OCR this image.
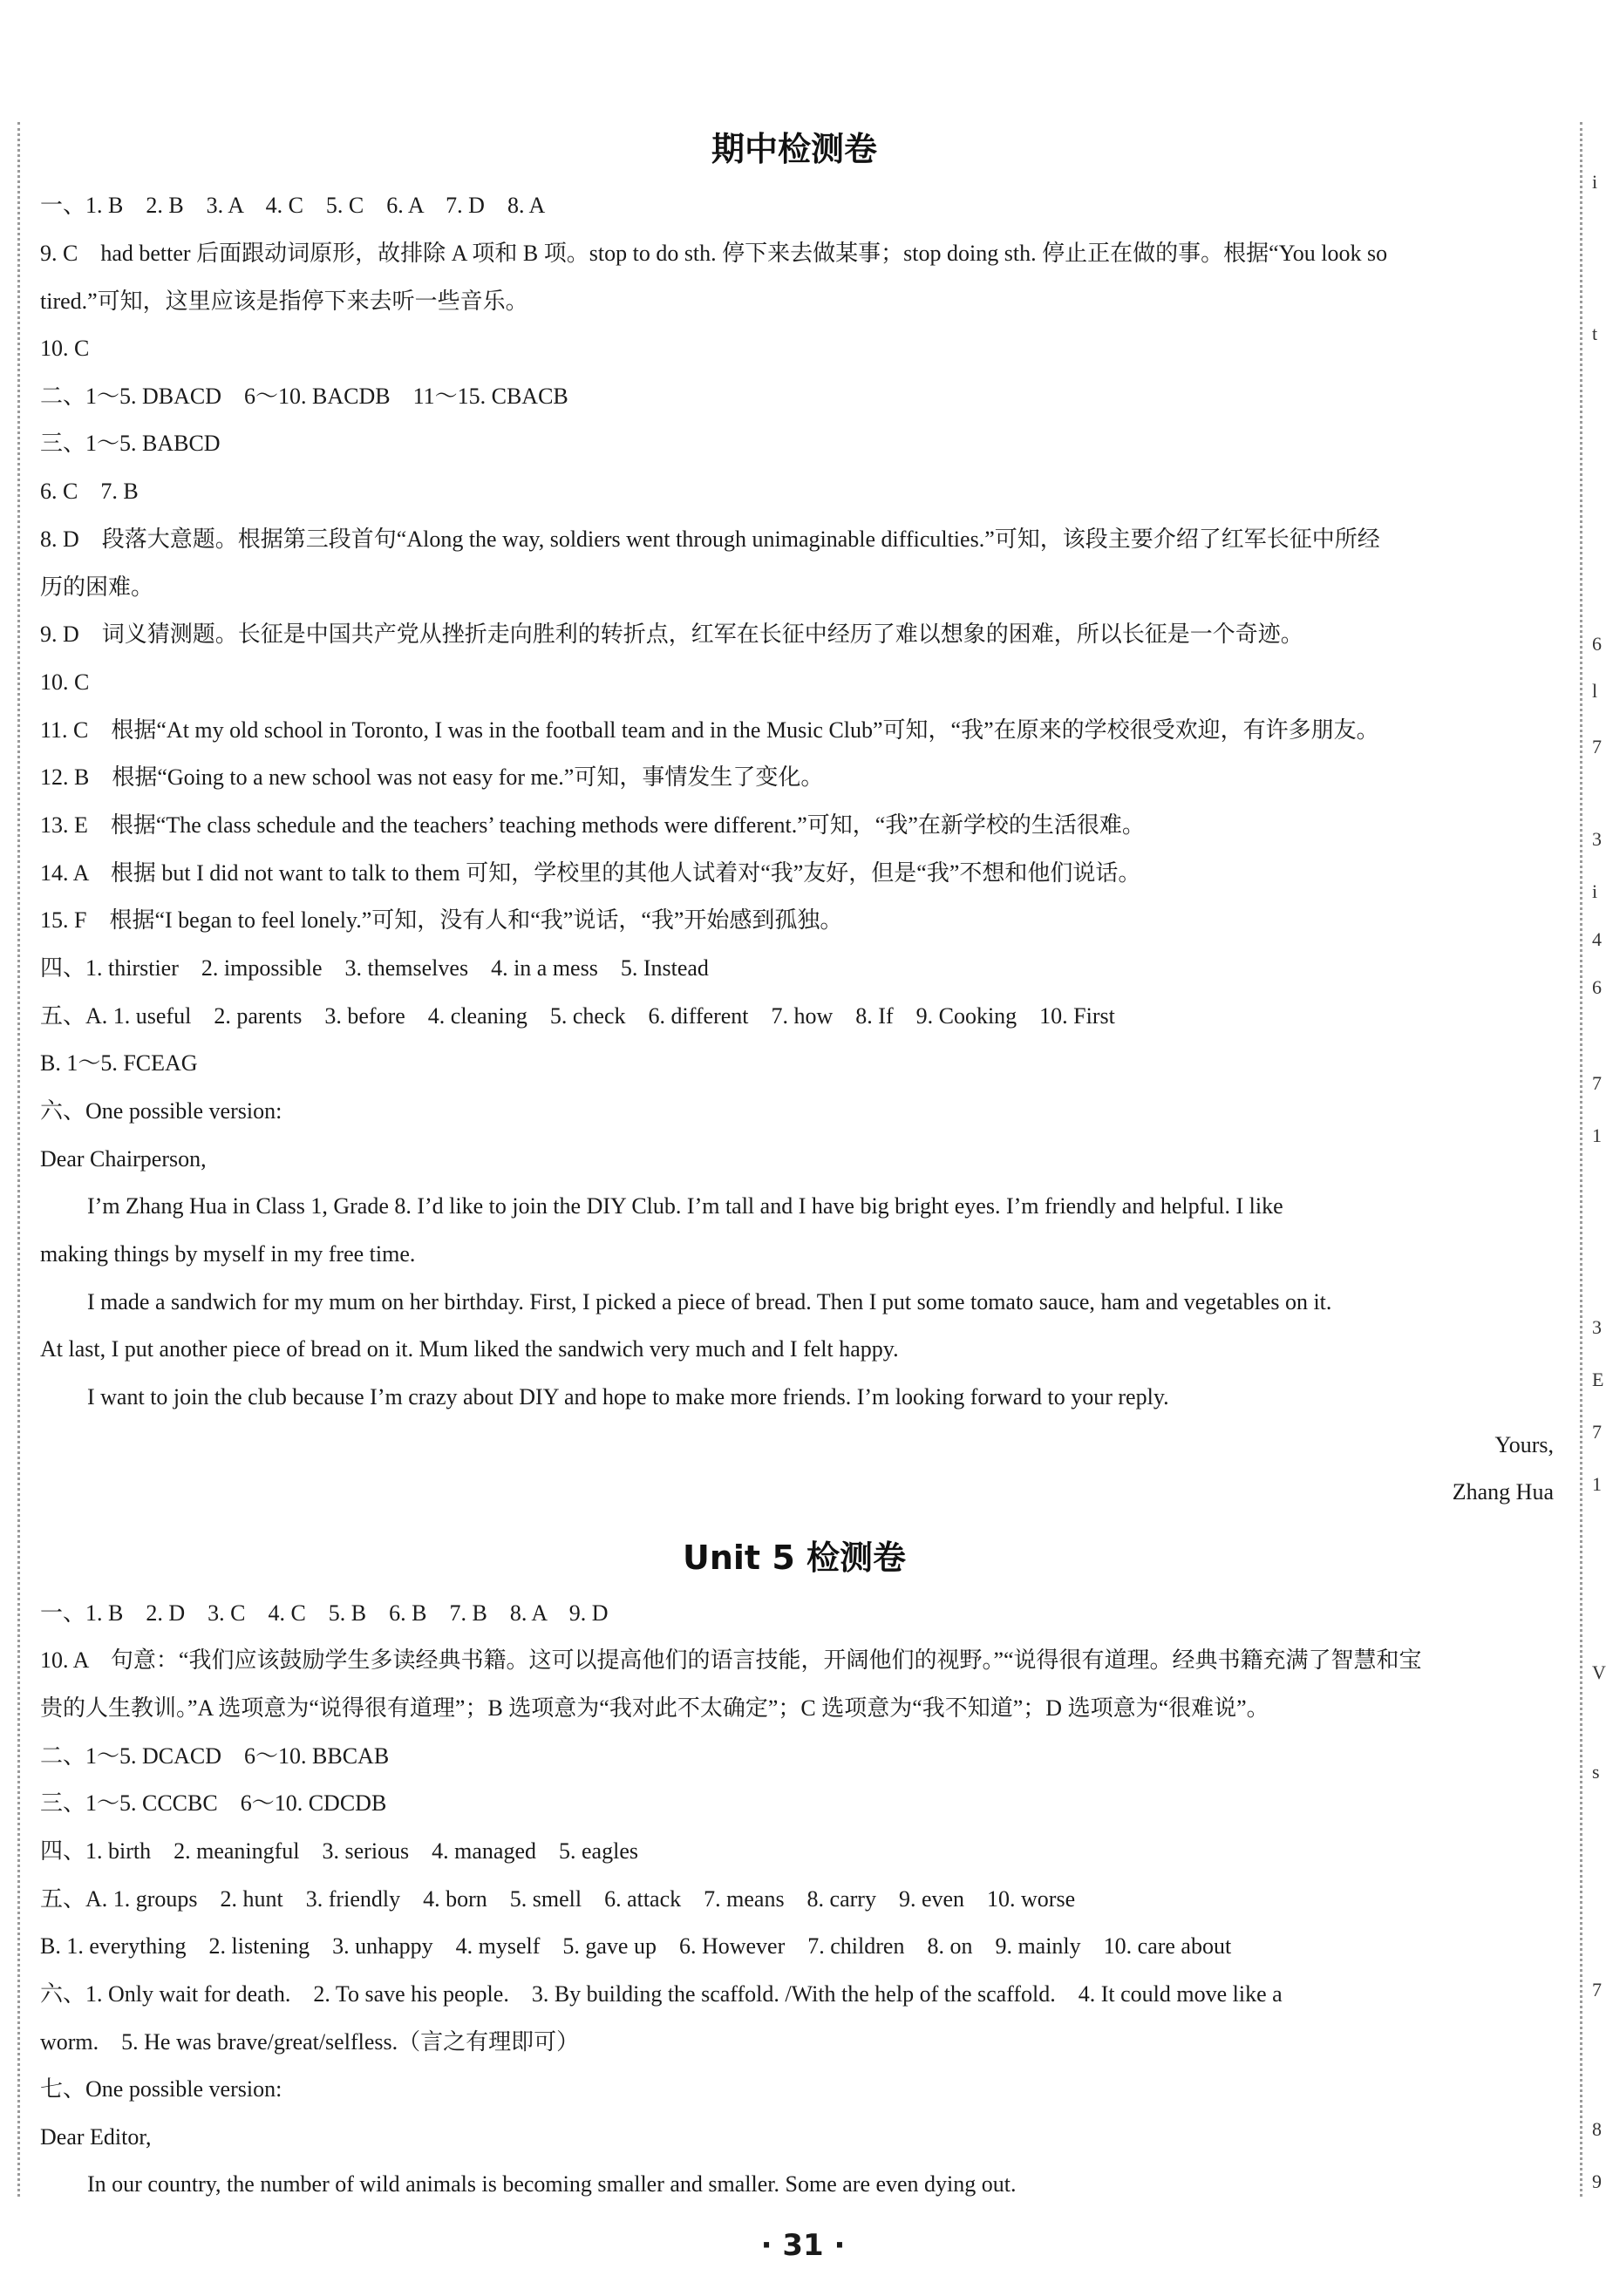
期中检测卷
一、1. B　2. B　3. A　4. C　5. C　6. A　7. D　8. A
9. C　had better 后面跟动词原形，故排除 A 项和 B 项。stop to do sth. 停下来去做某事；stop doing sth. 停止正在做的事。根据“You look so
tired.”可知，这里应该是指停下来去听一些音乐。
10. C
二、1～5. DBACD　6～10. BACDB　11～15. CBACB
三、1～5. BABCD
6. C　7. B
8. D　段落大意题。根据第三段首句“Along the way, soldiers went through unimaginable difficulties.”可知，该段主要介绍了红军长征中所经
历的困难。
9. D　词义猜测题。长征是中国共产党从挫折走向胜利的转折点，红军在长征中经历了难以想象的困难，所以长征是一个奇迹。
10. C
11. C　根据“At my old school in Toronto, I was in the football team and in the Music Club”可知，“我”在原来的学校很受欢迎，有许多朋友。
12. B　根据“Going to a new school was not easy for me.”可知，事情发生了变化。
13. E　根据“The class schedule and the teachers’ teaching methods were different.”可知，“我”在新学校的生活很难。
14. A　根据 but I did not want to talk to them 可知，学校里的其他人试着对“我”友好，但是“我”不想和他们说话。
15. F　根据“I began to feel lonely.”可知，没有人和“我”说话，“我”开始感到孤独。
四、1. thirstier　2. impossible　3. themselves　4. in a mess　5. Instead
五、A. 1. useful　2. parents　3. before　4. cleaning　5. check　6. different　7. how　8. If　9. Cooking　10. First
B. 1～5. FCEAG
六、One possible version:
Dear Chairperson,
I’m Zhang Hua in Class 1, Grade 8. I’d like to join the DIY Club. I’m tall and I have big bright eyes. I’m friendly and helpful. I like
making things by myself in my free time.
I made a sandwich for my mum on her birthday. First, I picked a piece of bread. Then I put some tomato sauce, ham and vegetables on it.
At last, I put another piece of bread on it. Mum liked the sandwich very much and I felt happy.
I want to join the club because I’m crazy about DIY and hope to make more friends. I’m looking forward to your reply.
Yours,
Zhang Hua
Unit 5 检测卷
一、1. B　2. D　3. C　4. C　5. B　6. B　7. B　8. A　9. D
10. A　句意：“我们应该鼓励学生多读经典书籍。这可以提高他们的语言技能，开阔他们的视野。”“说得很有道理。经典书籍充满了智慧和宝
贵的人生教训。”A 选项意为“说得很有道理”；B 选项意为“我对此不太确定”；C 选项意为“我不知道”；D 选项意为“很难说”。
二、1～5. DCACD　6～10. BBCAB
三、1～5. CCCBC　6～10. CDCDB
四、1. birth　2. meaningful　3. serious　4. managed　5. eagles
五、A. 1. groups　2. hunt　3. friendly　4. born　5. smell　6. attack　7. means　8. carry　9. even　10. worse
B. 1. everything　2. listening　3. unhappy　4. myself　5. gave up　6. However　7. children　8. on　9. mainly　10. care about
六、1. Only wait for death.　2. To save his people.　3. By building the scaffold. /With the help of the scaffold.　4. It could move like a
worm.　5. He was brave/great/selfless.（言之有理即可）
七、One possible version:
Dear Editor,
In our country, the number of wild animals is becoming smaller and smaller. Some are even dying out.
i
t
6
l
7
3
i
4
6
7
1
3
E
7
1
V
s
7
8
9
· 31 ·
